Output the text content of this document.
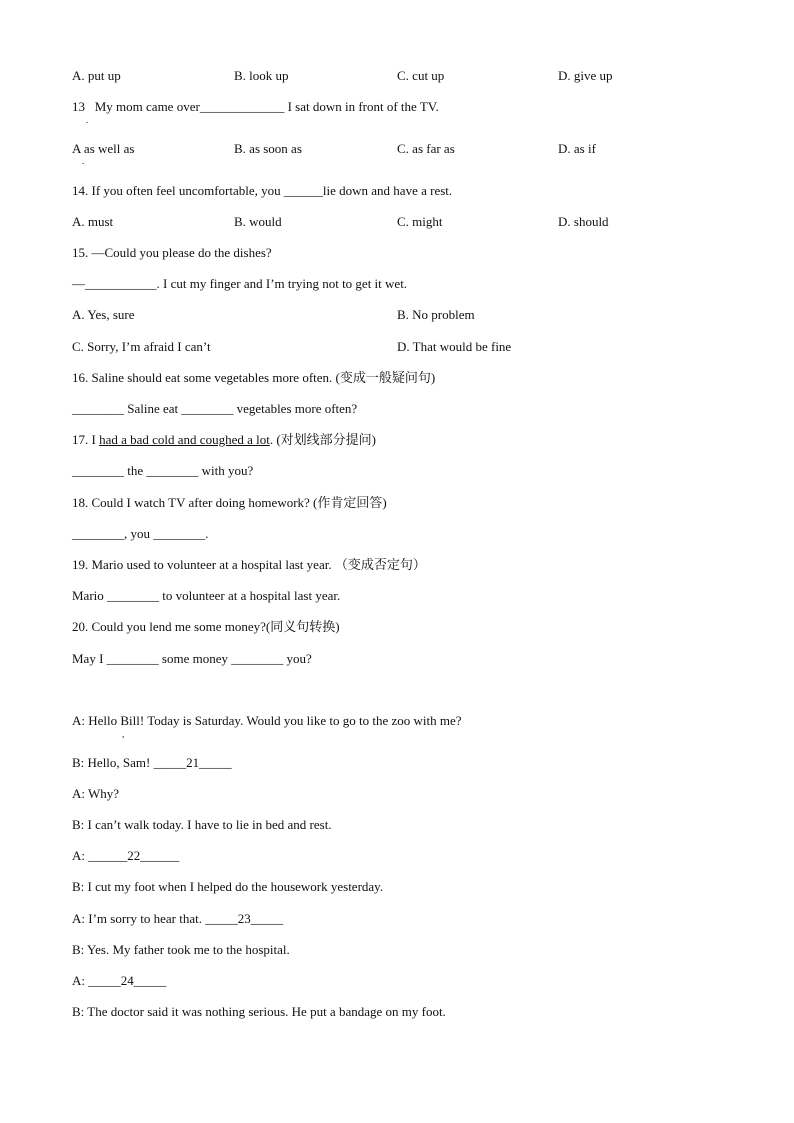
A. put up	B. look up	C. cut up	D. give up
13 My mom came over_____________ I sat down in front of the TV.
.
A as well as
.
B. as soon as	C. as far as	D. as if
14. If you often feel uncomfortable, you ______lie down and have a rest.
A. must	B. would	C. might	D. should
15. —Could you please do the dishes?
—___________. I cut my finger and I’m trying not to get it wet.
A. Yes, sure	B. No problem
C. Sorry, I’m afraid I can’t	D. That would be fine
16. Saline should eat some vegetables more often. (变成一般疑问句)
________ Saline eat ________ vegetables more often?
17. I had a bad cold and coughed a lot. (对划线部分提问)
________ the ________ with you?
18. Could I watch TV after doing homework? (作肯定回答)
________, you ________.
19. Mario used to volunteer at a hospital last year. （变成否定句）
Mario ________ to volunteer at a hospital last year.
20. Could you lend me some money?(同义句转换)
May I ________ some money ________ you?
A: Hello Bill! Today is Saturday. Would you like to go to the zoo with me?
,
B: Hello, Sam! _____21_____
A: Why?
B: I can’t walk today. I have to lie in bed and rest.
A: ______22______
B: I cut my foot when I helped do the housework yesterday.
A: I’m sorry to hear that. _____23_____
B: Yes. My father took me to the hospital.
A: _____24_____
B: The doctor said it was nothing serious. He put a bandage on my foot.
